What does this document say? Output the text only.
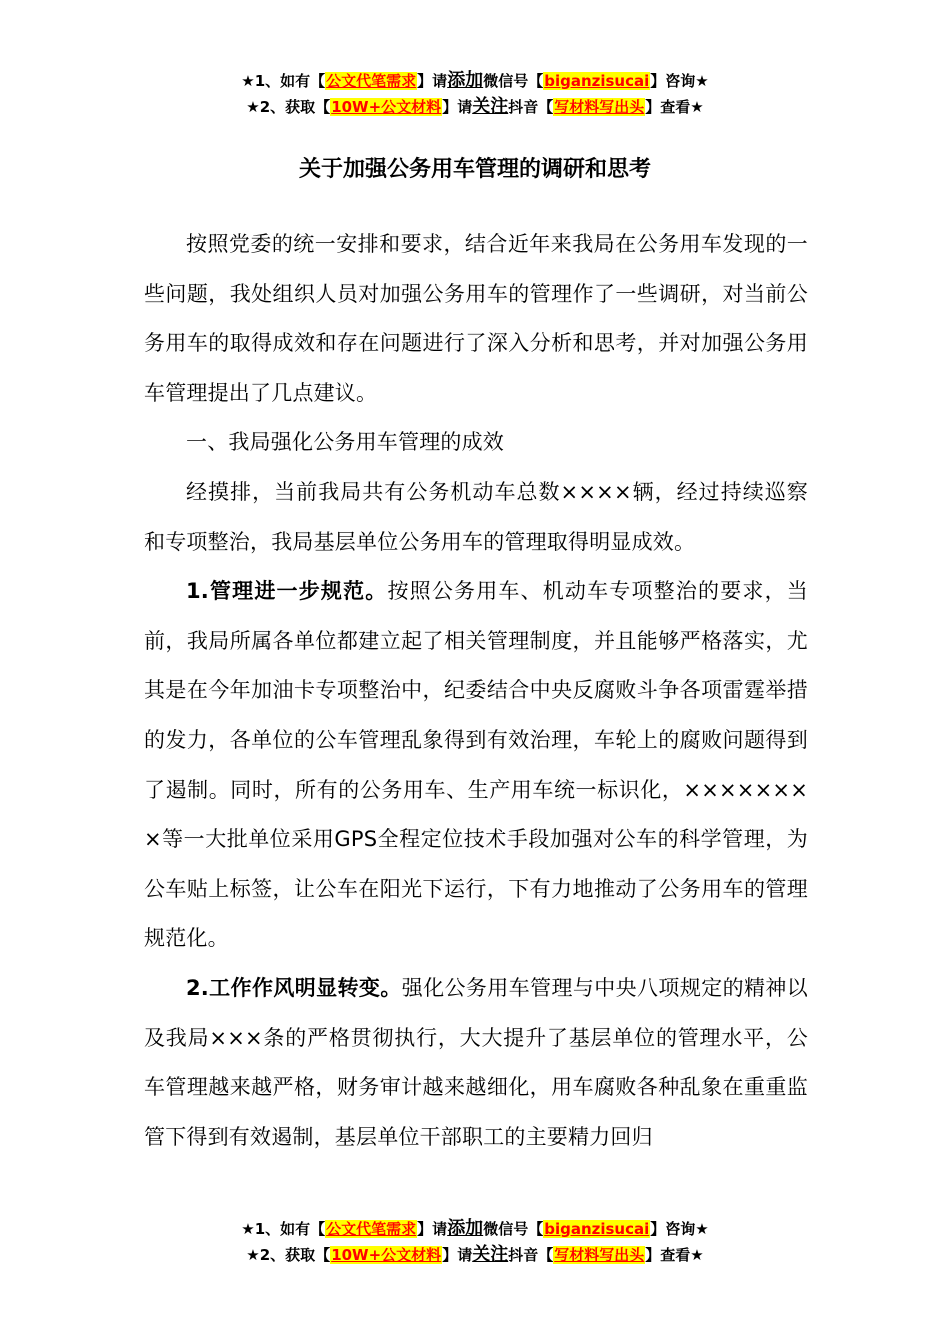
★1、如有【公文代笔需求】请添加微信号【biganzisucai】咨询★
★2、获取【10W+公文材料】请关注抖音【写材料写出头】查看★
关于加强公务用车管理的调研和思考

按照党委的统一安排和要求，结合近年来我局在公务用车发现的一些问题，我处组织人员对加强公务用车的管理作了一些调研，对当前公务用车的取得成效和存在问题进行了深入分析和思考，并对加强公务用车管理提出了几点建议。

一、我局强化公务用车管理的成效

经摸排，当前我局共有公务机动车总数××××辆，经过持续巡察和专项整治，我局基层单位公务用车的管理取得明显成效。

1.管理进一步规范。按照公务用车、机动车专项整治的要求，当前，我局所属各单位都建立起了相关管理制度，并且能够严格落实，尤其是在今年加油卡专项整治中，纪委结合中央反腐败斗争各项雷霆举措的发力，各单位的公车管理乱象得到有效治理，车轮上的腐败问题得到了遏制。同时，所有的公务用车、生产用车统一标识化，××××××××等一大批单位采用GPS全程定位技术手段加强对公车的科学管理，为公车贴上标签，让公车在阳光下运行，下有力地推动了公务用车的管理规范化。

2.工作作风明显转变。强化公务用车管理与中央八项规定的精神以及我局×××条的严格贯彻执行，大大提升了基层单位的管理水平，公车管理越来越严格，财务审计越来越细化，用车腐败各种乱象在重重监管下得到有效遏制，基层单位干部职工的主要精力回归

★1、如有【公文代笔需求】请添加微信号【biganzisucai】咨询★
★2、获取【10W+公文材料】请关注抖音【写材料写出头】查看★
